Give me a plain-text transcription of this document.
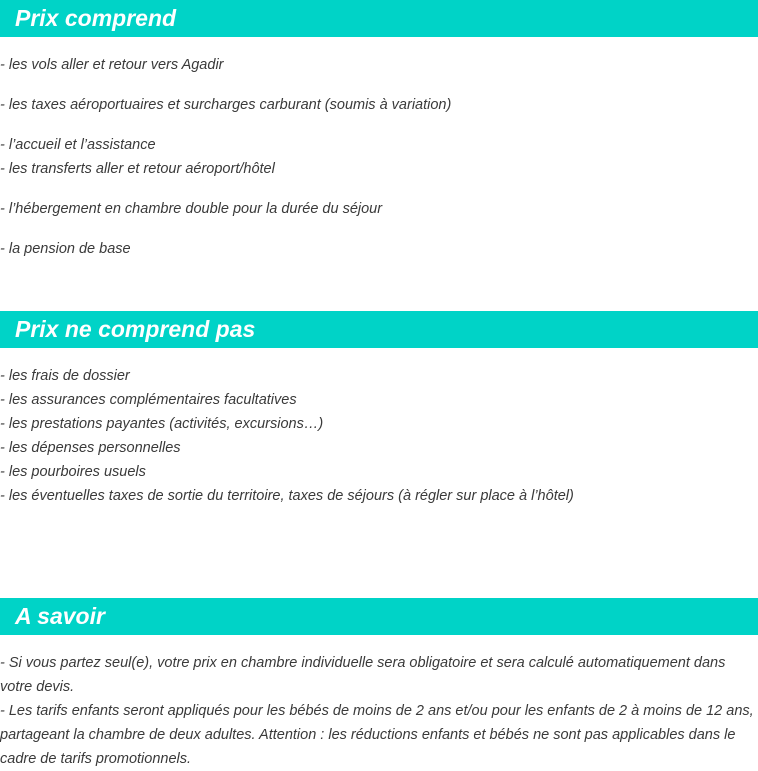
Prix comprend
- les vols aller et retour vers Agadir
- les taxes aéroportuaires et surcharges carburant (soumis à variation)
- l’accueil et l’assistance
- les transferts aller et retour aéroport/hôtel
- l’hébergement en chambre double pour la durée du séjour
- la pension de base
Prix ne comprend pas
- les frais de dossier
- les assurances complémentaires facultatives
- les prestations payantes (activités, excursions…)
- les dépenses personnelles
- les pourboires usuels
- les éventuelles taxes de sortie du territoire, taxes de séjours (à régler sur place à l’hôtel)
A savoir
- Si vous partez seul(e), votre prix en chambre individuelle sera obligatoire et sera calculé automatiquement dans votre devis.
- Les tarifs enfants seront appliqués pour les bébés de moins de 2 ans et/ou pour les enfants de 2 à moins de 12 ans, partageant la chambre de deux adultes. Attention : les réductions enfants et bébés ne sont pas applicables dans le cadre de tarifs promotionnels.
